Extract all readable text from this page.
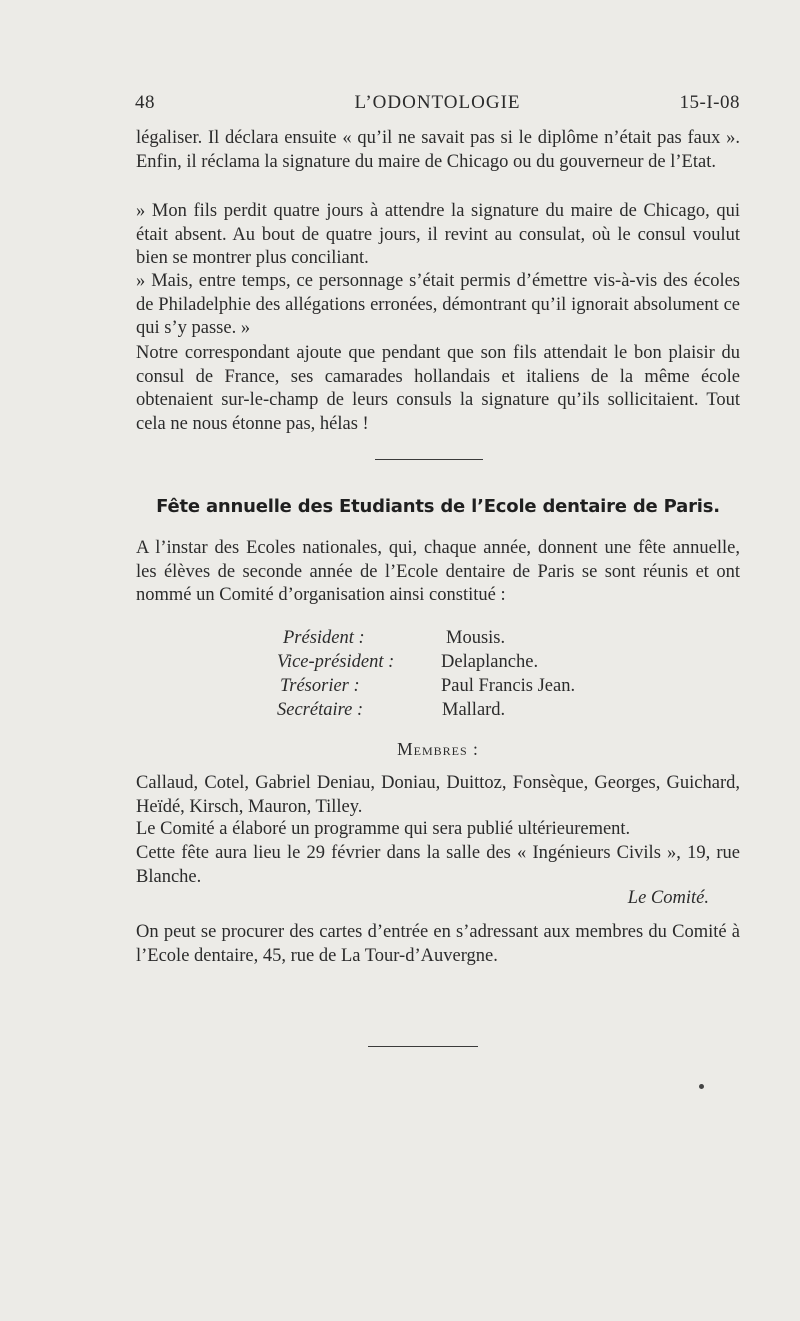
48	L’ODONTOLOGIE	15-I-08
légaliser. Il déclara ensuite « qu’il ne savait pas si le diplôme n’était pas faux ». Enfin, il réclama la signature du maire de Chicago ou du gouverneur de l’Etat.
» Mon fils perdit quatre jours à attendre la signature du maire de Chicago, qui était absent. Au bout de quatre jours, il revint au consulat, où le consul voulut bien se montrer plus conciliant.
» Mais, entre temps, ce personnage s’était permis d’émettre vis-à-vis des écoles de Philadelphie des allégations erronées, démontrant qu’il ignorait absolument ce qui s’y passe. »
Notre correspondant ajoute que pendant que son fils attendait le bon plaisir du consul de France, ses camarades hollandais et italiens de la même école obtenaient sur-le-champ de leurs consuls la signature qu’ils sollicitaient. Tout cela ne nous étonne pas, hélas !
Fête annuelle des Etudiants de l’Ecole dentaire de Paris.
A l’instar des Ecoles nationales, qui, chaque année, donnent une fête annuelle, les élèves de seconde année de l’Ecole dentaire de Paris se sont réunis et ont nommé un Comité d’organisation ainsi constitué :
Président :	Mousis.
Vice-président :	Delaplanche.
Trésorier :	Paul Francis Jean.
Secrétaire :	Mallard.
Membres :
Callaud, Cotel, Gabriel Deniau, Doniau, Duittoz, Fonsèque, Georges, Guichard, Heïdé, Kirsch, Mauron, Tilley.
Le Comité a élaboré un programme qui sera publié ultérieurement.
Cette fête aura lieu le 29 février dans la salle des « Ingénieurs Civils », 19, rue Blanche.
Le Comité.
On peut se procurer des cartes d’entrée en s’adressant aux membres du Comité à l’Ecole dentaire, 45, rue de La Tour-d’Auvergne.
